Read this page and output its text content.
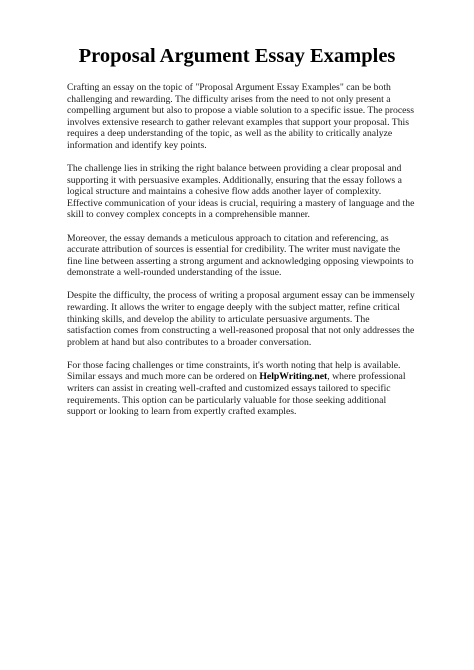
Proposal Argument Essay Examples

Crafting an essay on the topic of "Proposal Argument Essay Examples" can be both challenging and rewarding. The difficulty arises from the need to not only present a compelling argument but also to propose a viable solution to a specific issue. The process involves extensive research to gather relevant examples that support your proposal. This requires a deep understanding of the topic, as well as the ability to critically analyze information and identify key points.

The challenge lies in striking the right balance between providing a clear proposal and supporting it with persuasive examples. Additionally, ensuring that the essay follows a logical structure and maintains a cohesive flow adds another layer of complexity. Effective communication of your ideas is crucial, requiring a mastery of language and the skill to convey complex concepts in a comprehensible manner.

Moreover, the essay demands a meticulous approach to citation and referencing, as accurate attribution of sources is essential for credibility. The writer must navigate the fine line between asserting a strong argument and acknowledging opposing viewpoints to demonstrate a well-rounded understanding of the issue.

Despite the difficulty, the process of writing a proposal argument essay can be immensely rewarding. It allows the writer to engage deeply with the subject matter, refine critical thinking skills, and develop the ability to articulate persuasive arguments. The satisfaction comes from constructing a well-reasoned proposal that not only addresses the problem at hand but also contributes to a broader conversation.

For those facing challenges or time constraints, it's worth noting that help is available. Similar essays and much more can be ordered on HelpWriting.net, where professional writers can assist in creating well-crafted and customized essays tailored to specific requirements. This option can be particularly valuable for those seeking additional support or looking to learn from expertly crafted examples.
